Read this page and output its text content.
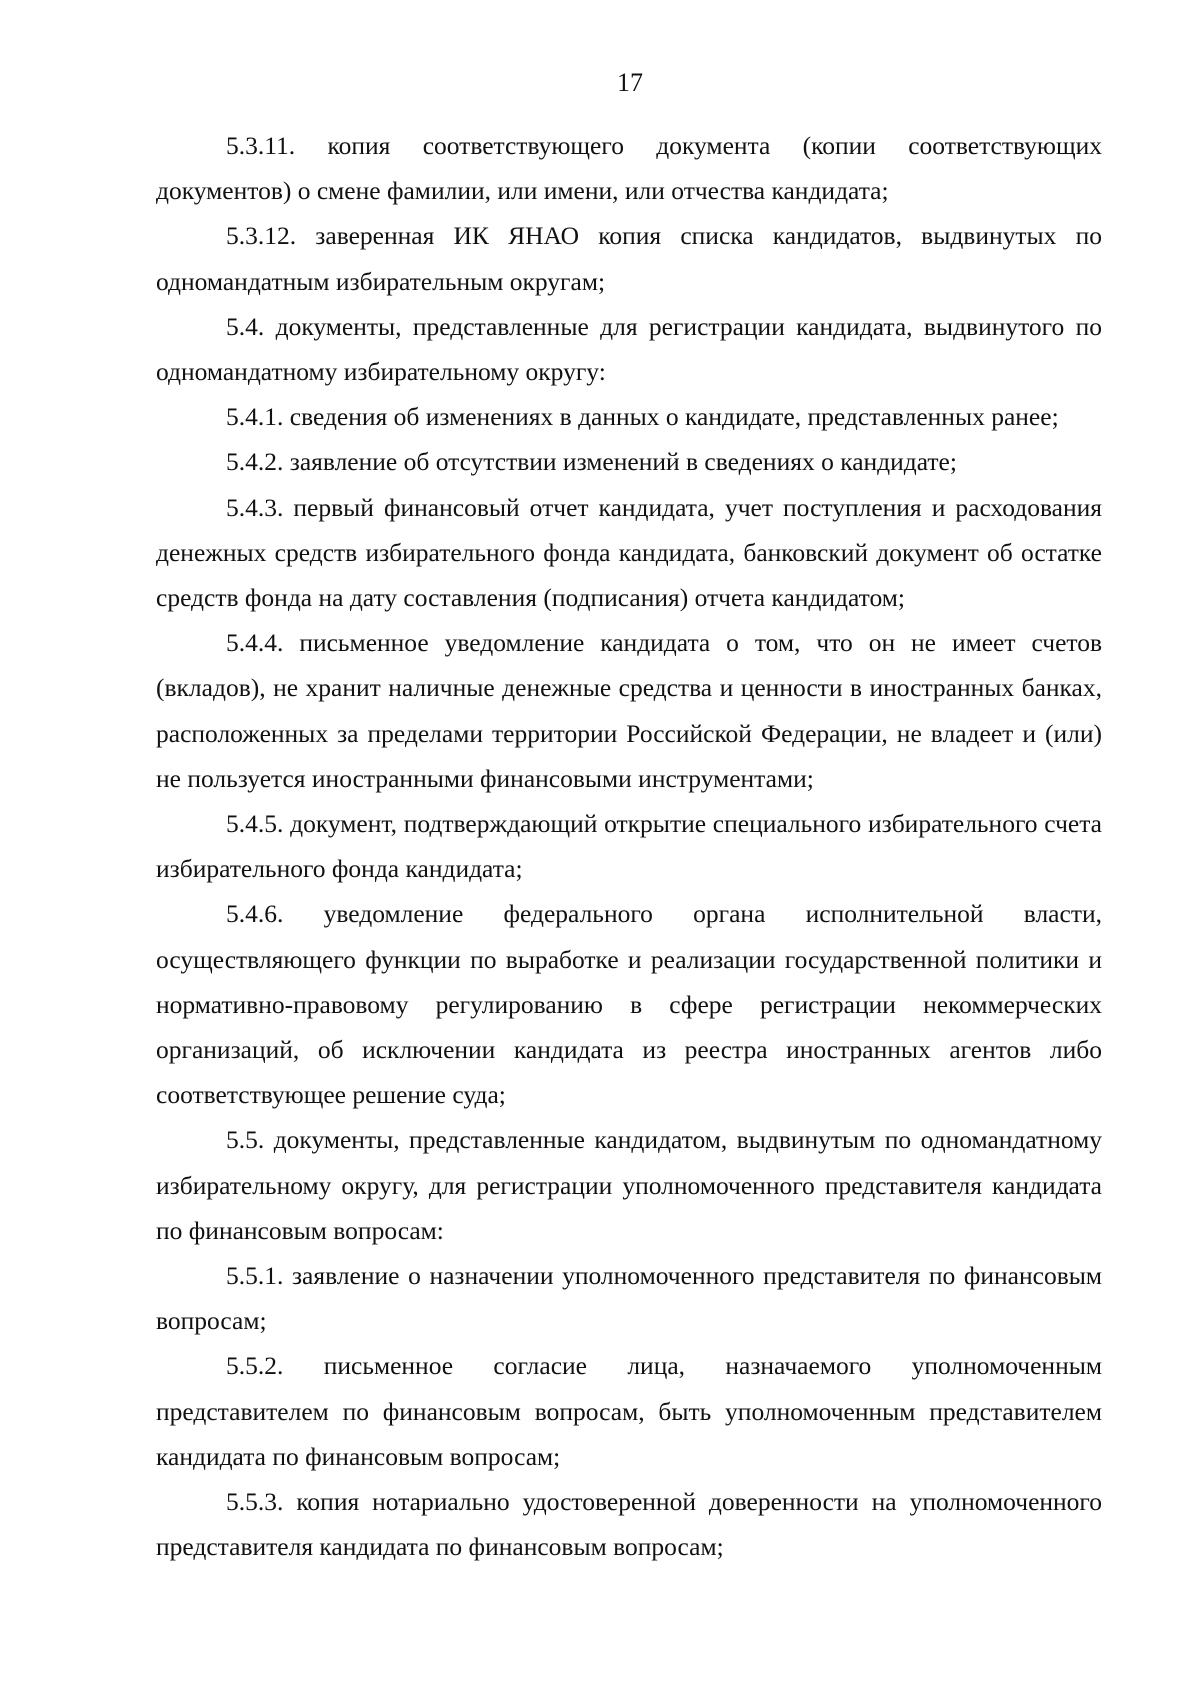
17

5.3.11. копия соответствующего документа (копии соответствующих документов) о смене фамилии, или имени, или отчества кандидата;

5.3.12. заверенная ИК ЯНАО копия списка кандидатов, выдвинутых по одномандатным избирательным округам;

5.4. документы, представленные для регистрации кандидата, выдвинутого по одномандатному избирательному округу:

5.4.1. сведения об изменениях в данных о кандидате, представленных ранее;

5.4.2. заявление об отсутствии изменений в сведениях о кандидате;

5.4.3. первый финансовый отчет кандидата, учет поступления и расходования денежных средств избирательного фонда кандидата, банковский документ об остатке средств фонда на дату составления (подписания) отчета кандидатом;

5.4.4. письменное уведомление кандидата о том, что он не имеет счетов (вкладов), не хранит наличные денежные средства и ценности в иностранных банках, расположенных за пределами территории Российской Федерации, не владеет и (или) не пользуется иностранными финансовыми инструментами;

5.4.5. документ, подтверждающий открытие специального избирательного счета избирательного фонда кандидата;

5.4.6. уведомление федерального органа исполнительной власти, осуществляющего функции по выработке и реализации государственной политики и нормативно-правовому регулированию в сфере регистрации некоммерческих организаций, об исключении кандидата из реестра иностранных агентов либо соответствующее решение суда;

5.5. документы, представленные кандидатом, выдвинутым по одномандатному избирательному округу, для регистрации уполномоченного представителя кандидата по финансовым вопросам:

5.5.1. заявление о назначении уполномоченного представителя по финансовым вопросам;

5.5.2. письменное согласие лица, назначаемого уполномоченным представителем по финансовым вопросам, быть уполномоченным представителем кандидата по финансовым вопросам;

5.5.3. копия нотариально удостоверенной доверенности на уполномоченного представителя кандидата по финансовым вопросам;
